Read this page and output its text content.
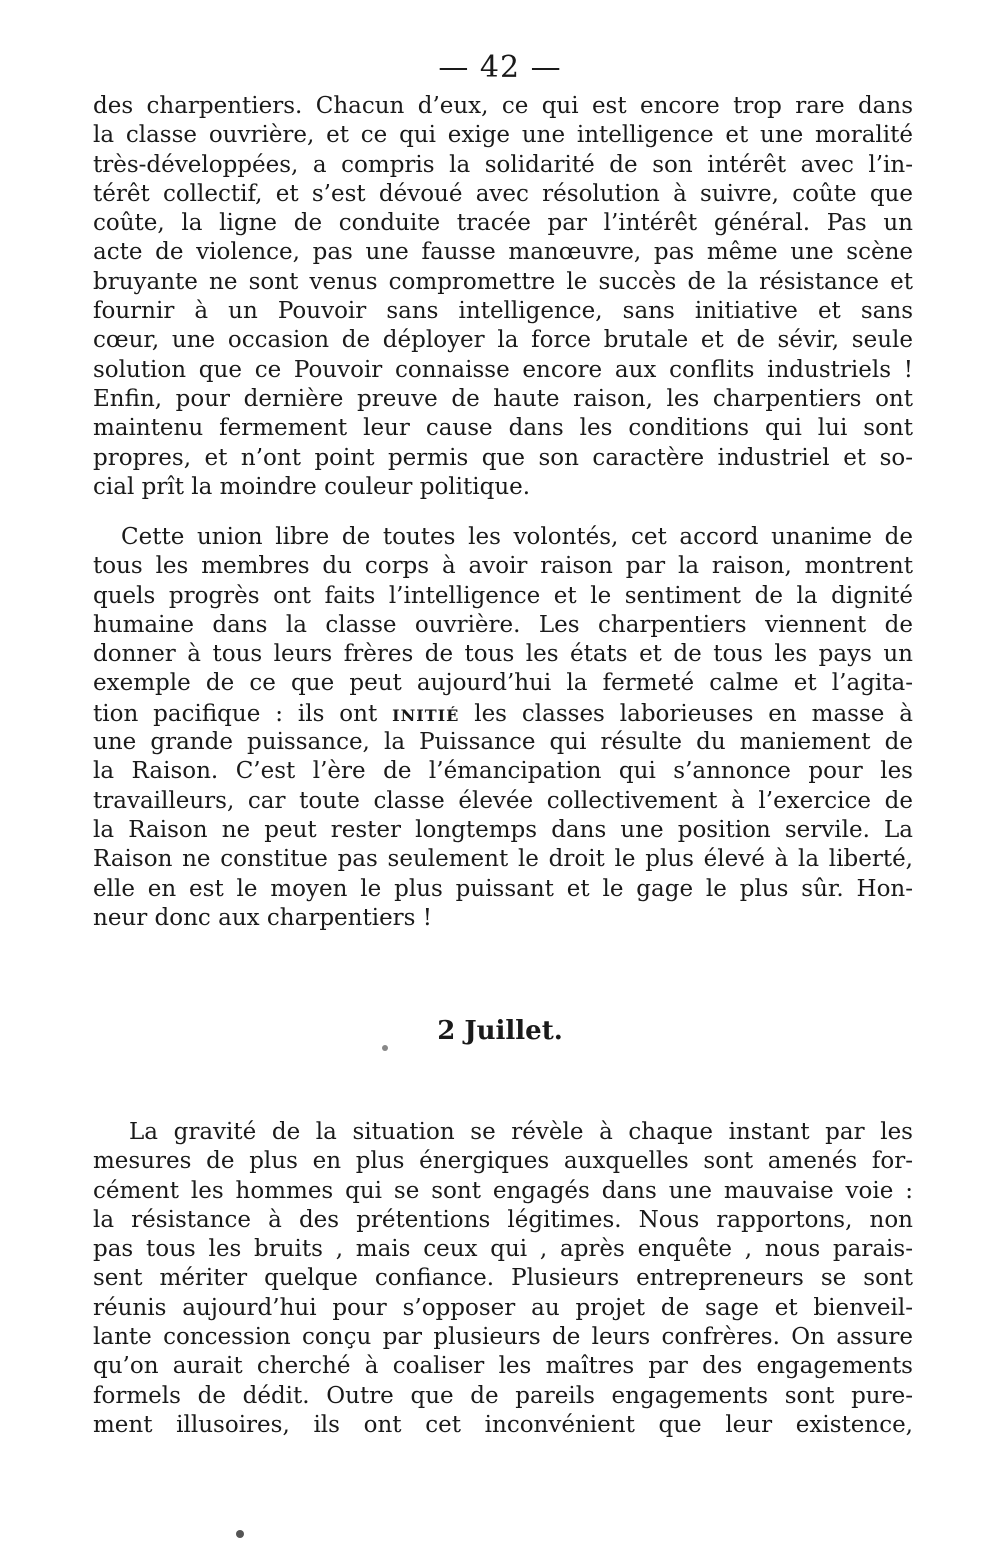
— 42 —
des charpentiers. Chacun d’eux, ce qui est encore trop rare dans
la classe ouvrière, et ce qui exige une intelligence et une moralité
très-développées, a compris la solidarité de son intérêt avec l’in-
térêt collectif, et s’est dévoué avec résolution à suivre, coûte que
coûte, la ligne de conduite tracée par l’intérêt général. Pas un
acte de violence, pas une fausse manœuvre, pas même une scène
bruyante ne sont venus compromettre le succès de la résistance et
fournir à un Pouvoir sans intelligence, sans initiative et sans
cœur, une occasion de déployer la force brutale et de sévir, seule
solution que ce Pouvoir connaisse encore aux conflits industriels !
Enfin, pour dernière preuve de haute raison, les charpentiers ont
maintenu fermement leur cause dans les conditions qui lui sont
propres, et n’ont point permis que son caractère industriel et so-
cial prît la moindre couleur politique.
Cette union libre de toutes les volontés, cet accord unanime de
tous les membres du corps à avoir raison par la raison, montrent
quels progrès ont faits l’intelligence et le sentiment de la dignité
humaine dans la classe ouvrière. Les charpentiers viennent de
donner à tous leurs frères de tous les états et de tous les pays un
exemple de ce que peut aujourd’hui la fermeté calme et l’agita-
tion pacifique : ils ont initié les classes laborieuses en masse à
une grande puissance, la Puissance qui résulte du maniement de
la Raison. C’est l’ère de l’émancipation qui s’annonce pour les
travailleurs, car toute classe élevée collectivement à l’exercice de
la Raison ne peut rester longtemps dans une position servile. La
Raison ne constitue pas seulement le droit le plus élevé à la liberté,
elle en est le moyen le plus puissant et le gage le plus sûr. Hon-
neur donc aux charpentiers !
2 Juillet.
La gravité de la situation se révèle à chaque instant par les
mesures de plus en plus énergiques auxquelles sont amenés for-
cément les hommes qui se sont engagés dans une mauvaise voie :
la résistance à des prétentions légitimes. Nous rapportons, non
pas tous les bruits , mais ceux qui , après enquête , nous parais-
sent mériter quelque confiance. Plusieurs entrepreneurs se sont
réunis aujourd’hui pour s’opposer au projet de sage et bienveil-
lante concession conçu par plusieurs de leurs confrères. On assure
qu’on aurait cherché à coaliser les maîtres par des engagements
formels de dédit. Outre que de pareils engagements sont pure-
ment illusoires, ils ont cet inconvénient que leur existence,
